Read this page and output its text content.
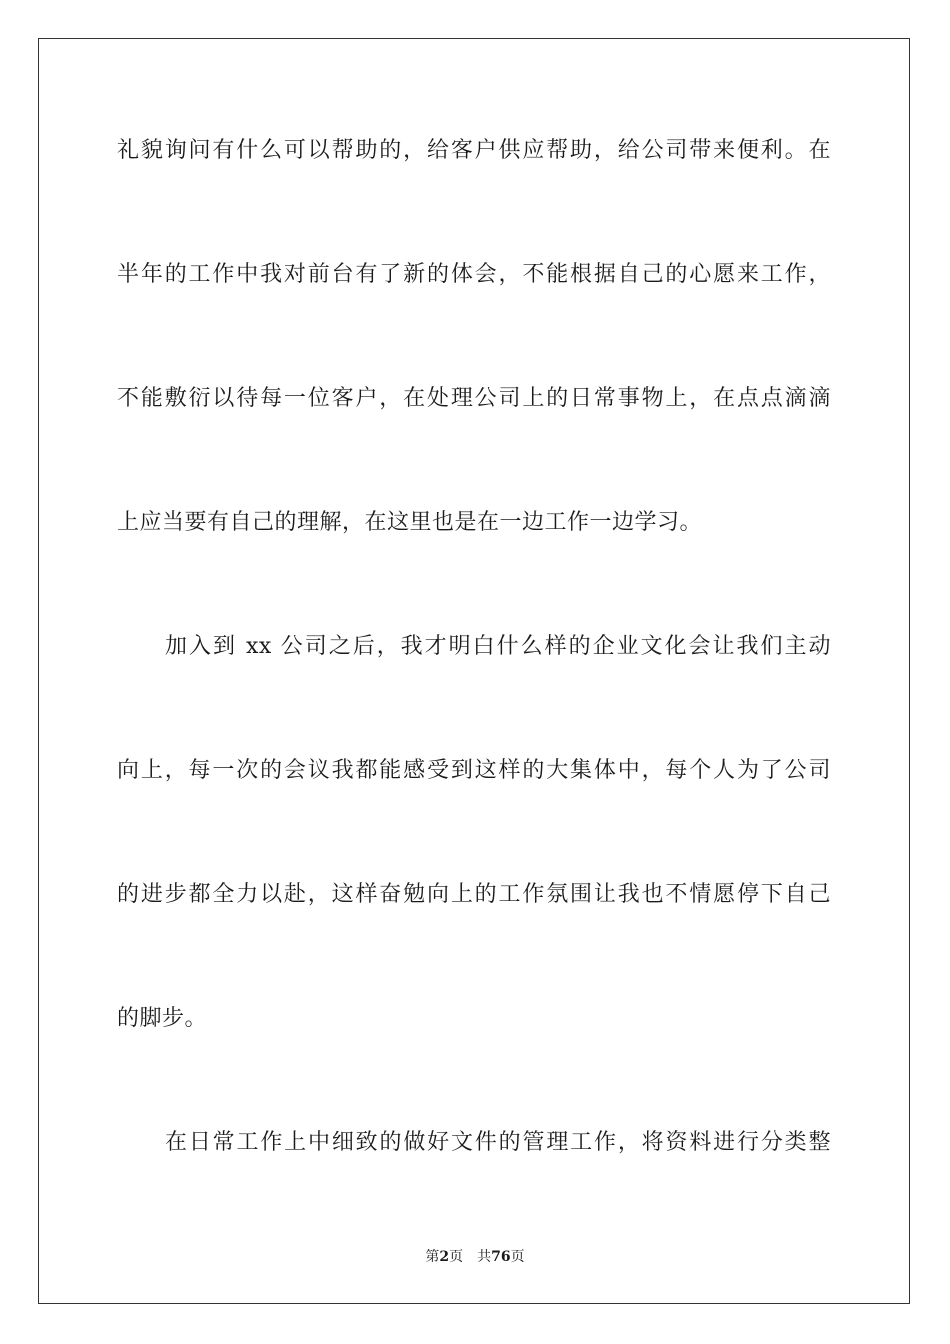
礼貌询问有什么可以帮助的，给客户供应帮助，给公司带来便利。在
半年的工作中我对前台有了新的体会，不能根据自己的心愿来工作，
不能敷衍以待每一位客户，在处理公司上的日常事物上，在点点滴滴
上应当要有自己的理解，在这里也是在一边工作一边学习。
加入到 xx 公司之后，我才明白什么样的企业文化会让我们主动
向上，每一次的会议我都能感受到这样的大集体中，每个人为了公司
的进步都全力以赴，这样奋勉向上的工作氛围让我也不情愿停下自己
的脚步。
在日常工作上中细致的做好文件的管理工作，将资料进行分类整
第2页 共76页
